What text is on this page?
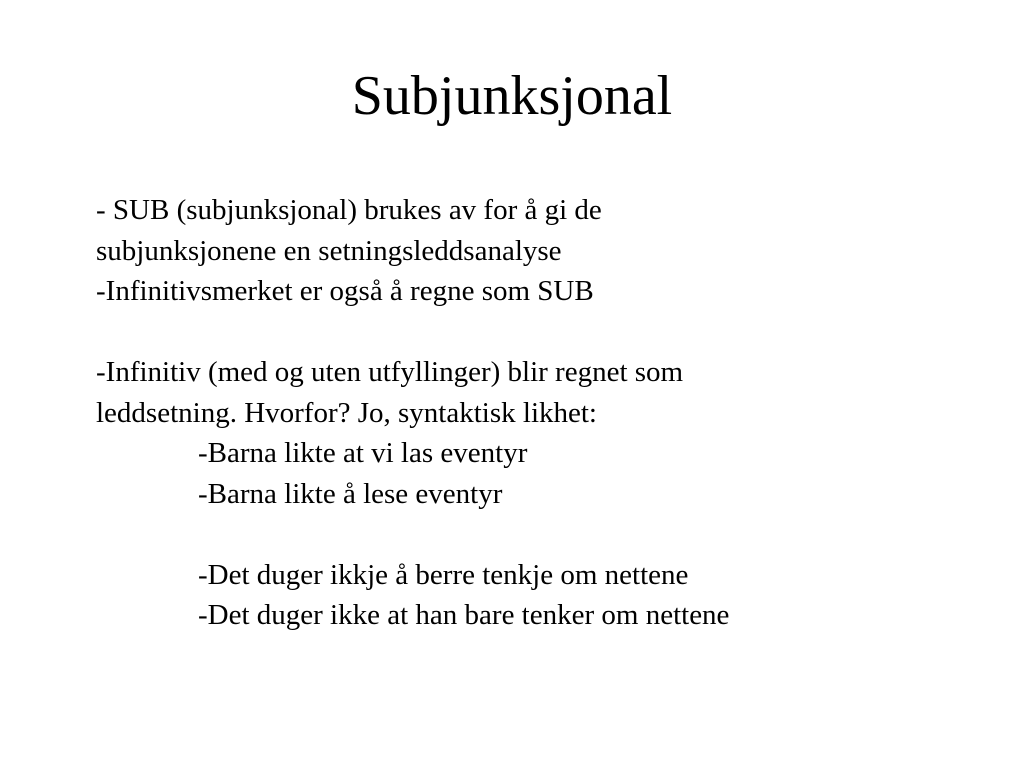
Subjunksjonal
- SUB (subjunksjonal) brukes av for å gi de
subjunksjonene en setningsleddsanalyse
-Infinitivsmerket er også å regne som SUB
-Infinitiv (med og uten utfyllinger) blir regnet som
leddsetning. Hvorfor? Jo, syntaktisk likhet:
-Barna likte at vi las eventyr
-Barna likte å lese eventyr
-Det duger ikkje å berre tenkje om nettene
-Det duger ikke at han bare tenker om nettene
